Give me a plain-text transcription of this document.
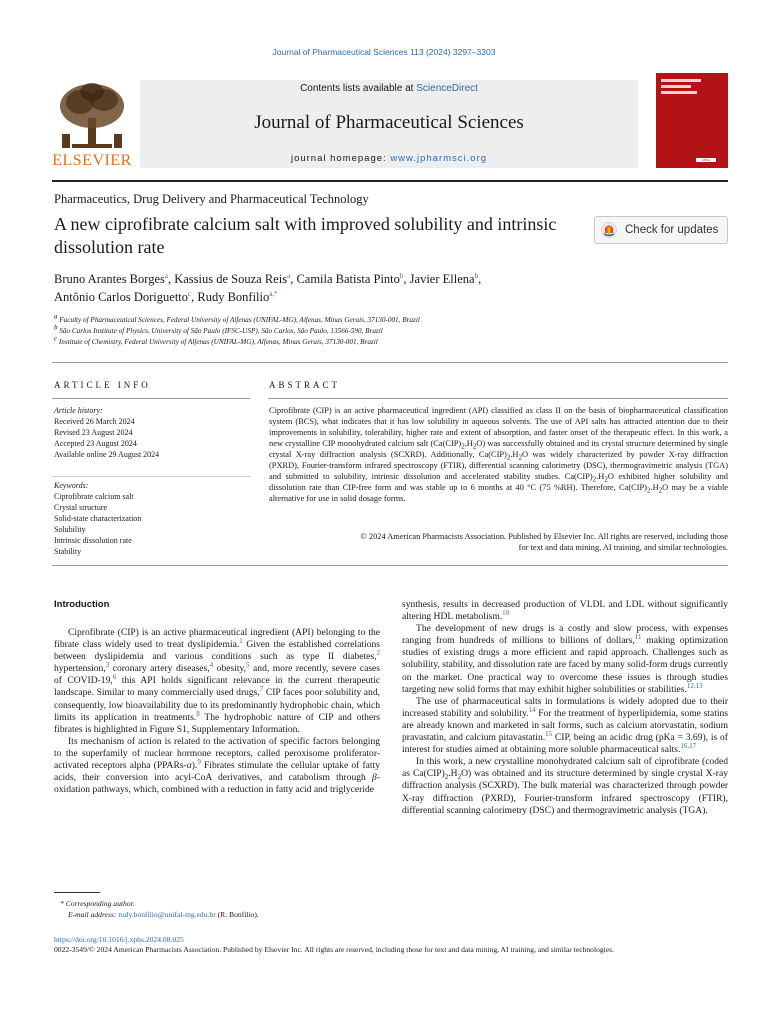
Journal of Pharmaceutical Sciences 113 (2024) 3297–3303
ELSEVIER
Contents lists available at ScienceDirect
Journal of Pharmaceutical Sciences
journal homepage: www.jpharmsci.org	APhA
Pharmaceutics, Drug Delivery and Pharmaceutical Technology
A new ciprofibrate calcium salt with improved solubility and intrinsic dissolution rate
Check for updates
Bruno Arantes Borges$^a$, Kassius de Souza Reis$^a$, Camila Batista Pinto$^b$, Javier Ellena$^b$,
Antônio Carlos Doriguetto$^c$, Rudy Bonfilio$^{a,*}$
$^a$ Faculty of Pharmaceutical Sciences, Federal University of Alfenas (UNIFAL-MG), Alfenas, Minas Gerais, 37130-001, Brazil
$^b$ São Carlos Institute of Physics, University of São Paulo (IFSC-USP), São Carlos, São Paulo, 13566-590, Brazil
$^c$ Institute of Chemistry, Federal University of Alfenas (UNIFAL-MG), Alfenas, Minas Gerais, 37130-001, Brazil
ARTICLE INFO	ABSTRACT
Article history:
Received 26 March 2024
Revised 23 August 2024
Accepted 23 August 2024
Available online 29 August 2024
Keywords:
Ciprofibrate calcium salt
Crystal structure
Solid-state characterization
Solubility
Intrinsic dissolution rate
Stability
Ciprofibrate (CIP) is an active pharmaceutical ingredient (API) classified as class II on the basis of biopharmaceutical classification system (BCS), what indicates that it has low solubility in aqueous solvents. The use of API salts has attracted attention due to their improvements in solubility, tolerability, higher rate and extent of absorption, and faster onset of the therapeutic effect. In this work, a new crystalline CIP monohydrated calcium salt $(Ca(CIP)_2.H_2O)$ was successfully obtained and its crystal structure determined by single crystal X-ray diffraction analysis (SCXRD). Additionally, $Ca(CIP)_2.H_2O$ was widely characterized by powder X-ray diffraction (PXRD), Fourier-transform infrared spectroscopy (FTIR), differential scanning calorimetry (DSC), thermogravimetric analysis (TGA) and submitted to solubility, intrinsic dissolution and accelerated stability studies. $Ca(CIP)_2.H_2O$ exhibited higher solubility and dissolution rate than CIP-free form and was stable up to 6 months at 40 °C (75 %RH). Therefore, $Ca(CIP)_2.H_2O$ may be a viable alternative for use in solid dosage forms.
© 2024 American Pharmacists Association. Published by Elsevier Inc. All rights are reserved, including those
for text and data mining, AI training, and similar technologies.
Introduction

Ciprofibrate (CIP) is an active pharmaceutical ingredient (API) belonging to the fibrate class widely used to treat dyslipidemia.$^1$ Given the established correlations between dyslipidemia and various conditions such as type II diabetes,$^2$ hypertension,$^3$ coronary artery diseases,$^4$ obesity,$^5$ and, more recently, severe cases of COVID-19,$^6$ this API holds significant relevance in the current therapeutic landscape. Similar to many commercially used drugs,$^7$ CIP faces poor solubility and, consequently, low bioavailability due to its predominantly hydrophobic chain, which limits its application in treatments.$^8$ The hydrophobic nature of CIP and others fibrates is highlighted in Figure S1, Supplementary Information.

Its mechanism of action is related to the activation of specific factors belonging to the superfamily of nuclear hormone receptors, called peroxisome proliferator-activated receptors alpha (PPARs-α).$^9$ Fibrates stimulate the cellular uptake of fatty acids, their conversion into acyl-CoA derivatives, and catabolism through β-oxidation pathways, which, combined with a reduction in fatty acid and triglyceride

synthesis, results in decreased production of VLDL and LDL without significantly altering HDL metabolism.$^{10}$

The development of new drugs is a costly and slow process, with expenses ranging from hundreds of millions to billions of dollars,$^{11}$ making optimization studies of existing drugs a more efficient and rapid approach. Challenges such as solubility, stability, and dissolution rate are faced by many solid-form drugs currently on the market. One practical way to overcome these issues is through studies targeting new solid forms that may exhibit higher solubilities or stabilities.$^{12,13}$

The use of pharmaceutical salts in formulations is widely adopted due to their increased stability and solubility.$^{14}$ For the treatment of hyperlipidemia, some statins are already known and marketed in salt forms, such as calcium atorvastatin, sodium pravastatin, and calcium pitavastatin.$^{15}$ CIP, being an acidic drug (pKa = 3.69), is of interest for studies aimed at obtaining more soluble pharmaceutical salts.$^{16,17}$

In this work, a new crystalline monohydrated calcium salt of ciprofibrate (coded as $Ca(CIP)_2.H_2O$) was obtained and its structure determined by single crystal X-ray diffraction analysis (SCXRD). The bulk material was characterized through powder X-ray diffraction (PXRD), Fourier-transform infrared spectroscopy (FTIR), differential scanning calorimetry (DSC) and thermogravimetric analysis (TGA).

* Corresponding author.
E-mail address: rudy.bonfilio@unifal-mg.edu.br (R. Bonfilio).
https://doi.org/10.1016/j.xphs.2024.08.025
0022-3549/© 2024 American Pharmacists Association. Published by Elsevier Inc. All rights are reserved, including those for text and data mining, AI training, and similar technologies.
